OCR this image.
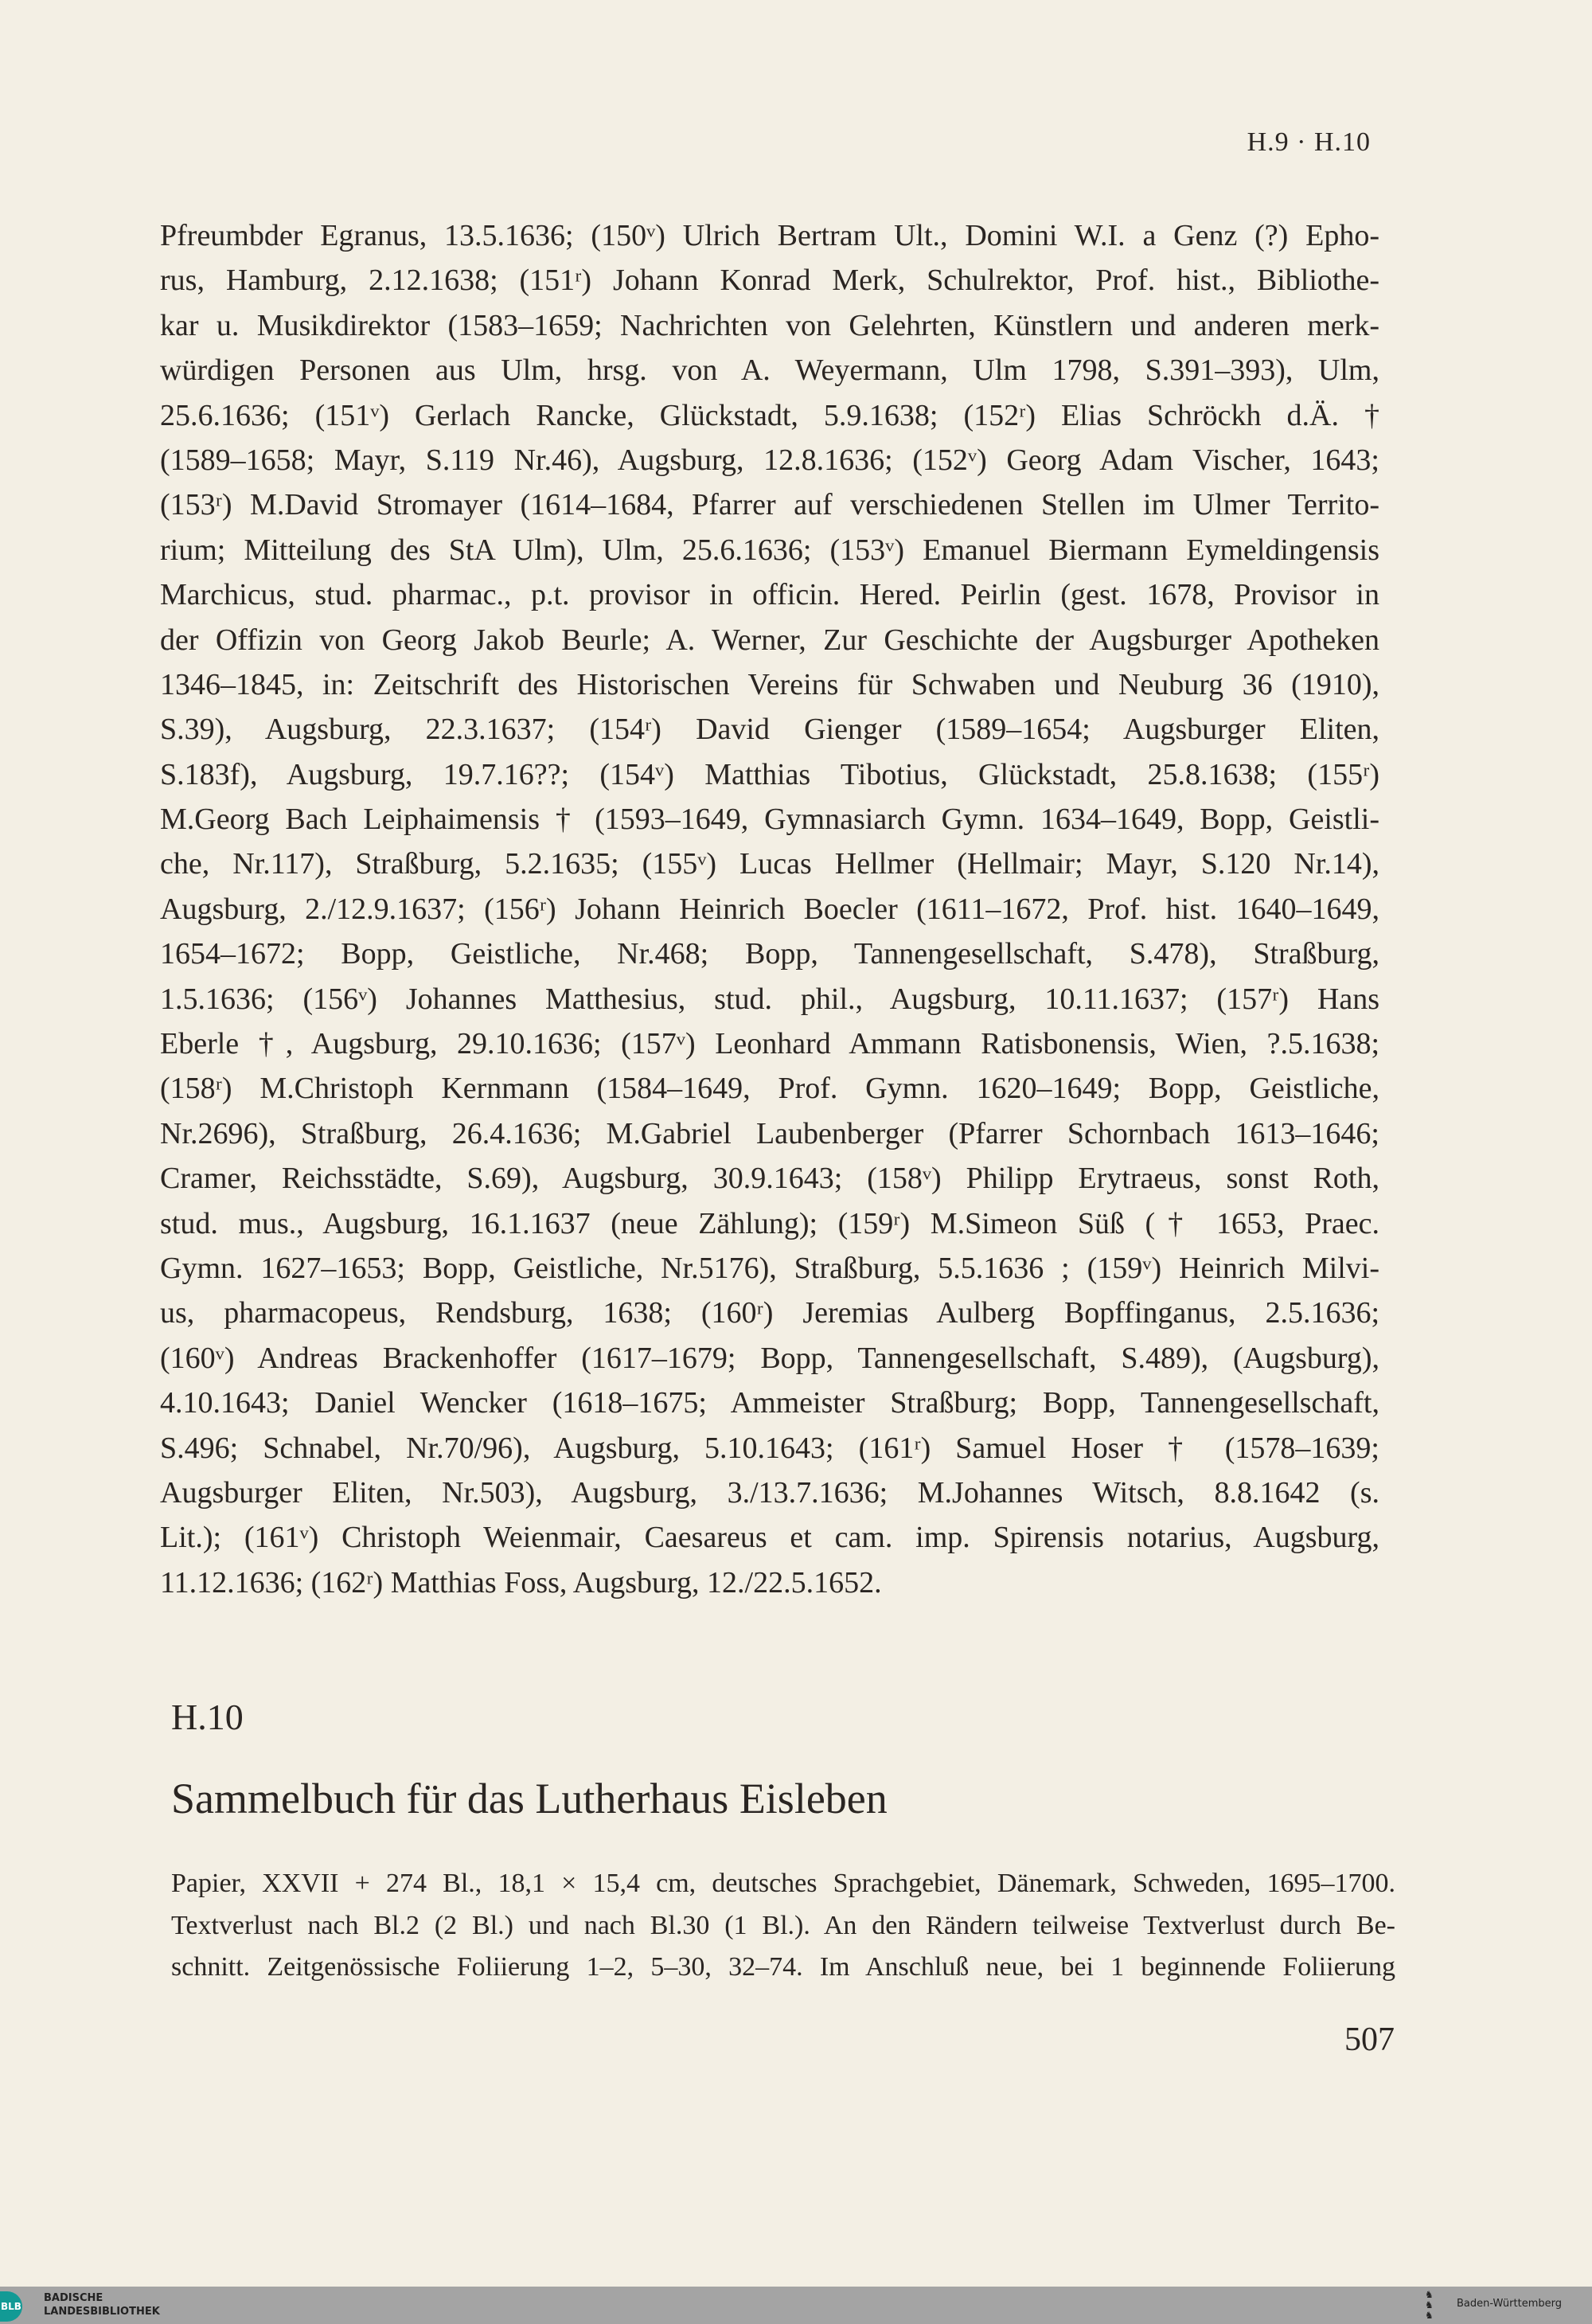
H.9 · H.10
Pfreumbder Egranus, 13.5.1636; (150ᵛ) Ulrich Bertram Ult., Domini W.I. a Genz (?) Epho-
rus, Hamburg, 2.12.1638; (151ʳ) Johann Konrad Merk, Schulrektor, Prof. hist., Bibliothe-
kar u. Musikdirektor (1583–1659; Nachrichten von Gelehrten, Künstlern und anderen merk-
würdigen Personen aus Ulm, hrsg. von A. Weyermann, Ulm 1798, S.391–393), Ulm,
25.6.1636; (151ᵛ) Gerlach Rancke, Glückstadt, 5.9.1638; (152ʳ) Elias Schröckh d.Ä. †
(1589–1658; Mayr, S.119 Nr.46), Augsburg, 12.8.1636; (152ᵛ) Georg Adam Vischer, 1643;
(153ʳ) M.David Stromayer (1614–1684, Pfarrer auf verschiedenen Stellen im Ulmer Territo-
rium; Mitteilung des StA Ulm), Ulm, 25.6.1636; (153ᵛ) Emanuel Biermann Eymeldingensis
Marchicus, stud. pharmac., p.t. provisor in officin. Hered. Peirlin (gest. 1678, Provisor in
der Offizin von Georg Jakob Beurle; A. Werner, Zur Geschichte der Augsburger Apotheken
1346–1845, in: Zeitschrift des Historischen Vereins für Schwaben und Neuburg 36 (1910),
S.39), Augsburg, 22.3.1637; (154ʳ) David Gienger (1589–1654; Augsburger Eliten,
S.183f), Augsburg, 19.7.16??; (154ᵛ) Matthias Tibotius, Glückstadt, 25.8.1638; (155ʳ)
M.Georg Bach Leiphaimensis † (1593–1649, Gymnasiarch Gymn. 1634–1649, Bopp, Geistli-
che, Nr.117), Straßburg, 5.2.1635; (155ᵛ) Lucas Hellmer (Hellmair; Mayr, S.120 Nr.14),
Augsburg, 2./12.9.1637; (156ʳ) Johann Heinrich Boecler (1611–1672, Prof. hist. 1640–1649,
1654–1672; Bopp, Geistliche, Nr.468; Bopp, Tannengesellschaft, S.478), Straßburg,
1.5.1636; (156ᵛ) Johannes Matthesius, stud. phil., Augsburg, 10.11.1637; (157ʳ) Hans
Eberle †, Augsburg, 29.10.1636; (157ᵛ) Leonhard Ammann Ratisbonensis, Wien, ?.5.1638;
(158ʳ) M.Christoph Kernmann (1584–1649, Prof. Gymn. 1620–1649; Bopp, Geistliche,
Nr.2696), Straßburg, 26.4.1636; M.Gabriel Laubenberger (Pfarrer Schornbach 1613–1646;
Cramer, Reichsstädte, S.69), Augsburg, 30.9.1643; (158ᵛ) Philipp Erytraeus, sonst Roth,
stud. mus., Augsburg, 16.1.1637 (neue Zählung); (159ʳ) M.Simeon Süß († 1653, Praec.
Gymn. 1627–1653; Bopp, Geistliche, Nr.5176), Straßburg, 5.5.1636 ; (159ᵛ) Heinrich Milvi-
us, pharmacopeus, Rendsburg, 1638; (160ʳ) Jeremias Aulberg Bopffinganus, 2.5.1636;
(160ᵛ) Andreas Brackenhoffer (1617–1679; Bopp, Tannengesellschaft, S.489), (Augsburg),
4.10.1643; Daniel Wencker (1618–1675; Ammeister Straßburg; Bopp, Tannengesellschaft,
S.496; Schnabel, Nr.70/96), Augsburg, 5.10.1643; (161ʳ) Samuel Hoser † (1578–1639;
Augsburger Eliten, Nr.503), Augsburg, 3./13.7.1636; M.Johannes Witsch, 8.8.1642 (s.
Lit.); (161ᵛ) Christoph Weienmair, Caesareus et cam. imp. Spirensis notarius, Augsburg,
11.12.1636; (162ʳ) Matthias Foss, Augsburg, 12./22.5.1652.
H.10
Sammelbuch für das Lutherhaus Eisleben
Papier, XXVII + 274 Bl., 18,1 × 15,4 cm, deutsches Sprachgebiet, Dänemark, Schweden, 1695–1700.
Textverlust nach Bl.2 (2 Bl.) und nach Bl.30 (1 Bl.). An den Rändern teilweise Textverlust durch Be-
schnitt. Zeitgenössische Foliierung 1–2, 5–30, 32–74. Im Anschluß neue, bei 1 beginnende Foliierung
507
BLB
BADISCHE
LANDESBIBLIOTHEK
♞
♞
♞
Baden-Württemberg
